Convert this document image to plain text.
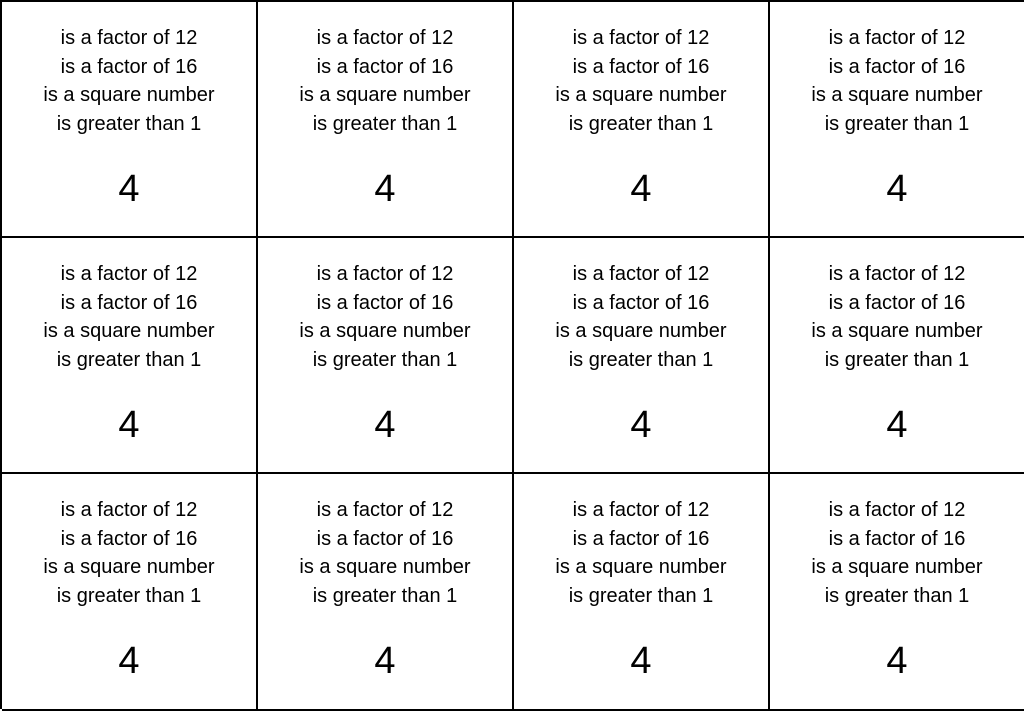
is a factor of 12
is a factor of 16
is a square number
is greater than 1
4
is a factor of 12
is a factor of 16
is a square number
is greater than 1
4
is a factor of 12
is a factor of 16
is a square number
is greater than 1
4
is a factor of 12
is a factor of 16
is a square number
is greater than 1
4
is a factor of 12
is a factor of 16
is a square number
is greater than 1
4
is a factor of 12
is a factor of 16
is a square number
is greater than 1
4
is a factor of 12
is a factor of 16
is a square number
is greater than 1
4
is a factor of 12
is a factor of 16
is a square number
is greater than 1
4
is a factor of 12
is a factor of 16
is a square number
is greater than 1
4
is a factor of 12
is a factor of 16
is a square number
is greater than 1
4
is a factor of 12
is a factor of 16
is a square number
is greater than 1
4
is a factor of 12
is a factor of 16
is a square number
is greater than 1
4
